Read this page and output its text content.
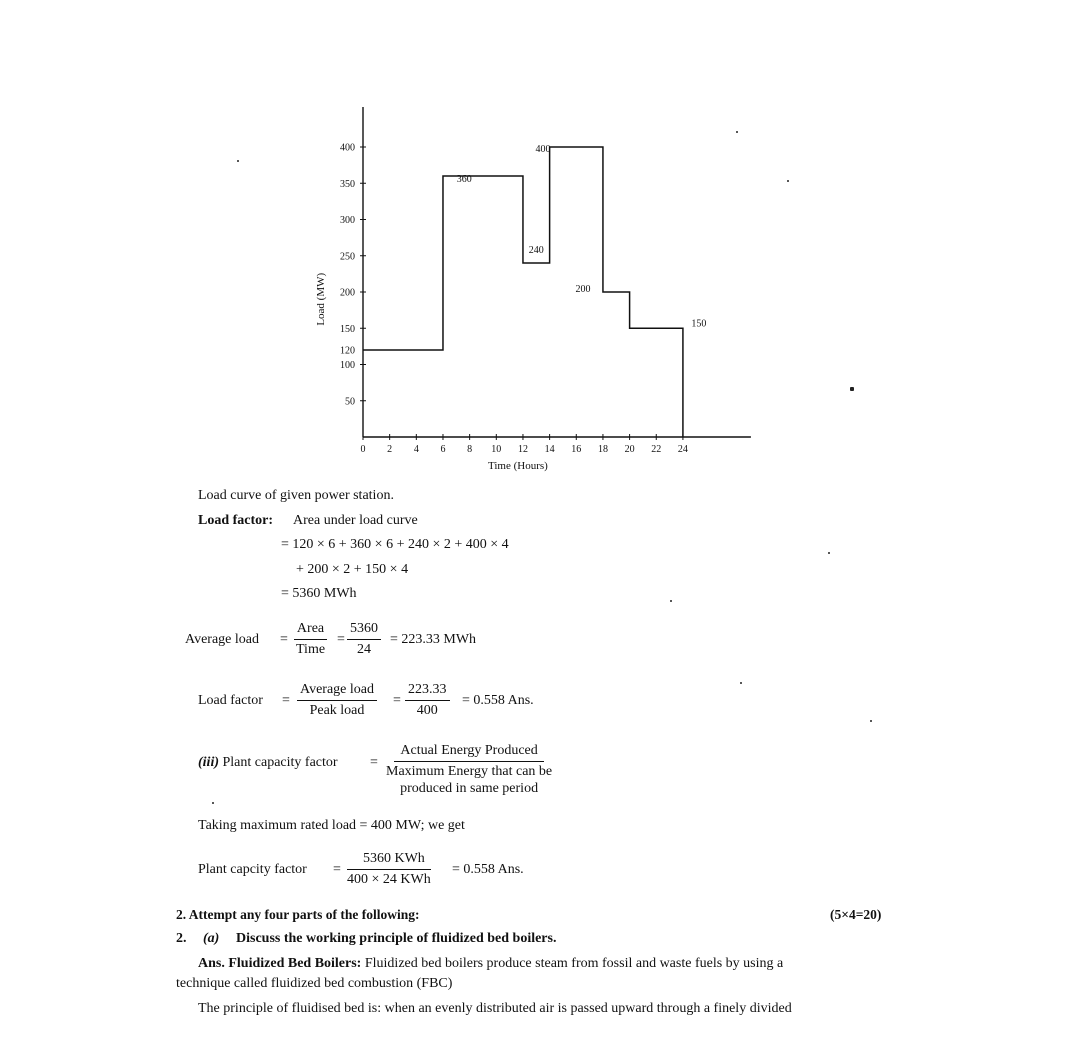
50
100
120
150
200
250
300
350
400
0 2 4 6 8 10 12 14 16 18 20 22 24
360
400
240
200
150
Time (Hours)
Load (MW)
Load curve of given power station.
Load factor: Area under load curve
= 120 × 6 + 360 × 6 + 240 × 2 + 400 × 4
+ 200 × 2 + 150 × 4
= 5360 MWh
Average load =
Area
Time
= $\frac{5360}{24} = 223.33$ MWh
Load factor =
Average load
Peak load
= $\frac{223.33}{400} = 0.558$ Ans.
(iii) Plant capacity factor =
Actual Energy Produced
Maximum Energy that can be
produced in same period
Taking maximum rated load = 400 MW; we get
Plant capcity factor =
5360 KWh
400 × 24 KWh
= 0.558 Ans.
2. Attempt any four parts of the following:	(5×4=20)
2. (a) Discuss the working principle of fluidized bed boilers.
Ans. Fluidized Bed Boilers: Fluidized bed boilers produce steam from fossil and waste fuels by using a
technique called fluidized bed combustion (FBC)
The principle of fluidised bed is: when an evenly distributed air is passed upward through a finely divided
